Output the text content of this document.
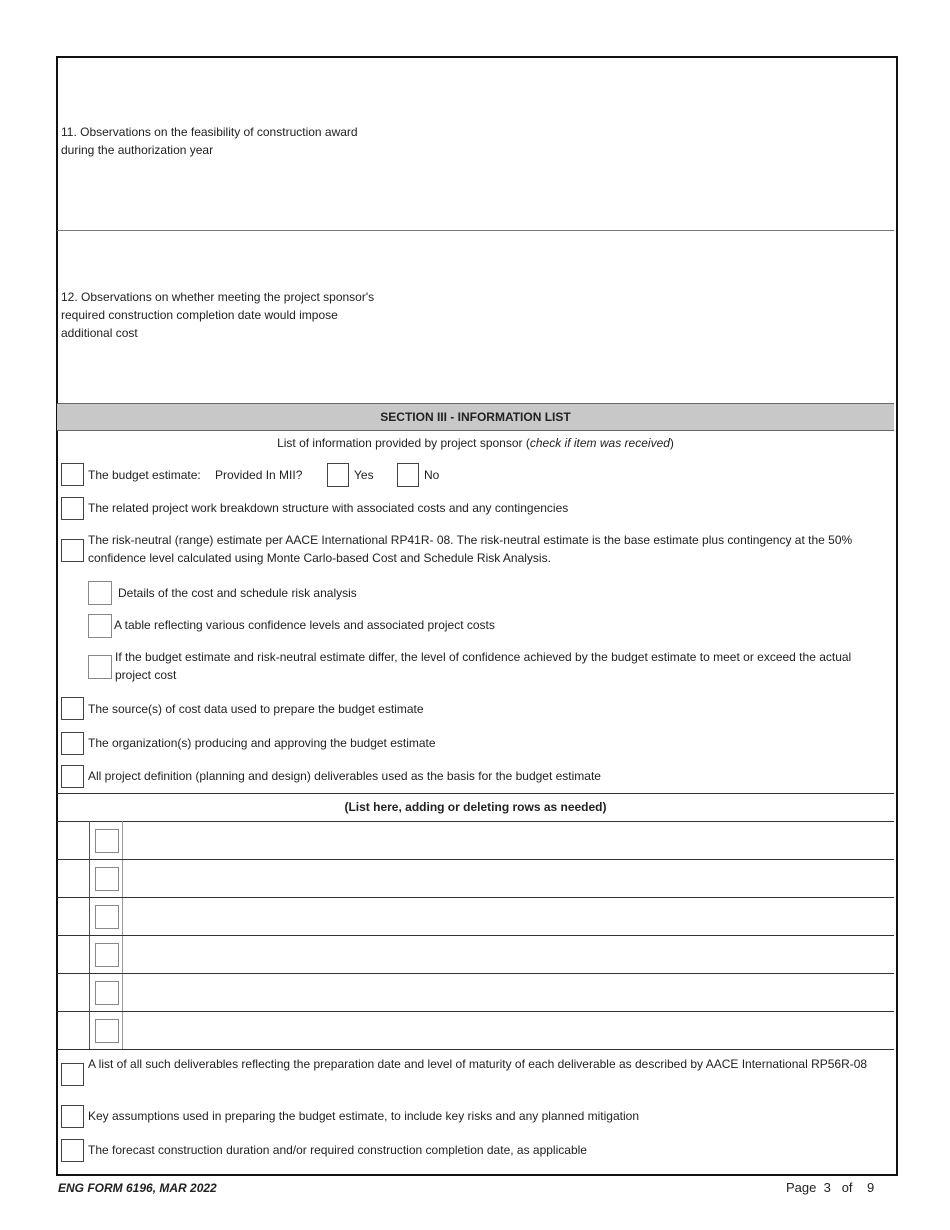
11. Observations on the feasibility of construction award
during the authorization year
12. Observations on whether meeting the project sponsor's
required construction completion date would impose
additional cost
SECTION III - INFORMATION LIST
List of information provided by project sponsor (check if item was received)
The budget estimate: Provided In MII?	Yes	No
The related project work breakdown structure with associated costs and any contingencies
The risk-neutral (range) estimate per AACE International RP41R- 08. The risk-neutral estimate is the base estimate plus contingency at the 50% confidence level calculated using Monte Carlo-based Cost and Schedule Risk Analysis.
Details of the cost and schedule risk analysis
A table reflecting various confidence levels and associated project costs
If the budget estimate and risk-neutral estimate differ, the level of confidence achieved by the budget estimate to meet or exceed the actual project cost
The source(s) of cost data used to prepare the budget estimate
The organization(s) producing and approving the budget estimate
All project definition (planning and design) deliverables used as the basis for the budget estimate
(List here, adding or deleting rows as needed)
A list of all such deliverables reflecting the preparation date and level of maturity of each deliverable as described by AACE International RP56R-08
Key assumptions used in preparing the budget estimate, to include key risks and any planned mitigation
The forecast construction duration and/or required construction completion date, as applicable
ENG FORM 6196, MAR 2022	Page 3 of 9
